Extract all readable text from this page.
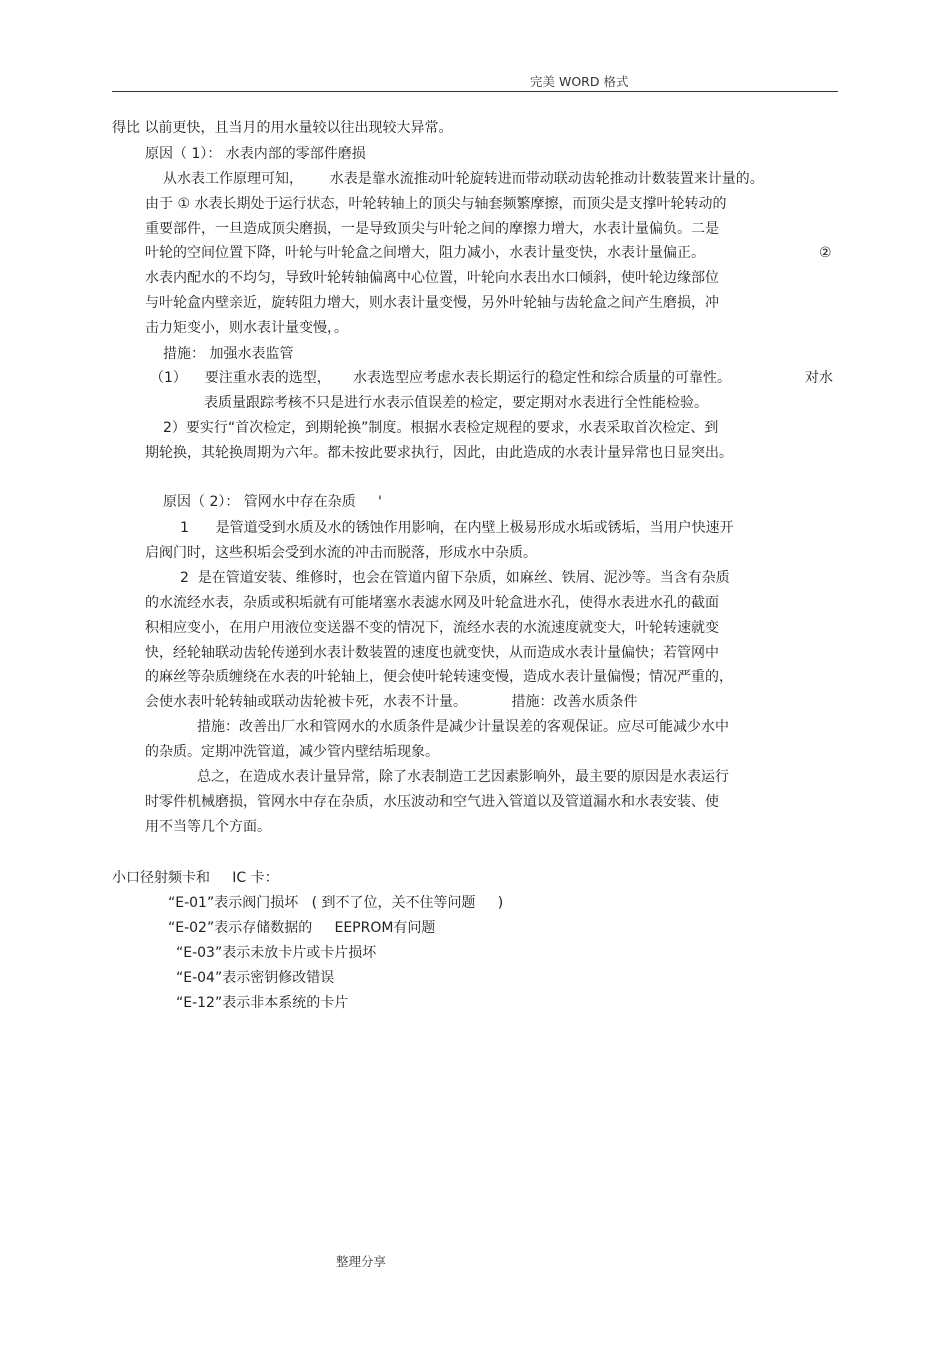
完美 WORD 格式
得比 以前更快，且当月的用水量较以往出现较大异常。
原因（ 1）： 水表内部的零部件磨损
从水表工作原理可知，      水表是靠水流推动叶轮旋转进而带动联动齿轮推动计数装置来计量的。
由于 ① 水表长期处于运行状态，叶轮转轴上的顶尖与轴套频繁摩擦，而顶尖是支撑叶轮转动的
重要部件，一旦造成顶尖磨损，一是导致顶尖与叶轮之间的摩擦力增大，水表计量偏负。二是
叶轮的空间位置下降，叶轮与叶轮盒之间增大，阻力减小，水表计量变快，水表计量偏正。	②
水表内配水的不均匀，导致叶轮转轴偏离中心位置，叶轮向水表出水口倾斜，使叶轮边缘部位
与叶轮盒内壁亲近，旋转阻力增大，则水表计量变慢，另外叶轮轴与齿轮盒之间产生磨损，冲
击力矩变小，则水表计量变慢，。
措施： 加强水表监管
（1）    要注重水表的选型，     水表选型应考虑水表长期运行的稳定性和综合质量的可靠性。	对水
表质量跟踪考核不只是进行水表示值误差的检定，要定期对水表进行全性能检验。
2）要实行“首次检定，到期轮换”制度。根据水表检定规程的要求，水表采取首次检定、到
期轮换，其轮换周期为六年。都未按此要求执行，因此，由此造成的水表计量异常也日显突出。
原因（ 2）： 管网水中存在杂质     '
1      是管道受到水质及水的锈蚀作用影响，在内壁上极易形成水垢或锈垢，当用户快速开
启阀门时，这些积垢会受到水流的冲击而脱落，形成水中杂质。
2  是在管道安装、维修时，也会在管道内留下杂质，如麻丝、铁屑、泥沙等。当含有杂质
的水流经水表，杂质或积垢就有可能堵塞水表滤水网及叶轮盒进水孔，使得水表进水孔的截面
积相应变小，在用户用液位变送器不变的情况下，流经水表的水流速度就变大，叶轮转速就变
快，经轮轴联动齿轮传递到水表计数装置的速度也就变快，从而造成水表计量偏快；若管网中
的麻丝等杂质缠绕在水表的叶轮轴上，便会使叶轮转速变慢，造成水表计量偏慢；情况严重的，
会使水表叶轮转轴或联动齿轮被卡死，水表不计量。          措施：改善水质条件
措施：改善出厂水和管网水的水质条件是减少计量误差的客观保证。应尽可能减少水中
的杂质。定期冲洗管道，减少管内壁结垢现象。
总之，在造成水表计量异常，除了水表制造工艺因素影响外，最主要的原因是水表运行
时零件机械磨损，管网水中存在杂质，水压波动和空气进入管道以及管道漏水和水表安装、使
用不当等几个方面。
小口径射频卡和     IC 卡：
“E-01”表示阀门损坏   ( 到不了位，关不住等问题     )
“E-02”表示存储数据的     EEPROM有问题
“E-03”表示未放卡片或卡片损坏
“E-04”表示密钥修改错误
“E-12”表示非本系统的卡片
整理分享
